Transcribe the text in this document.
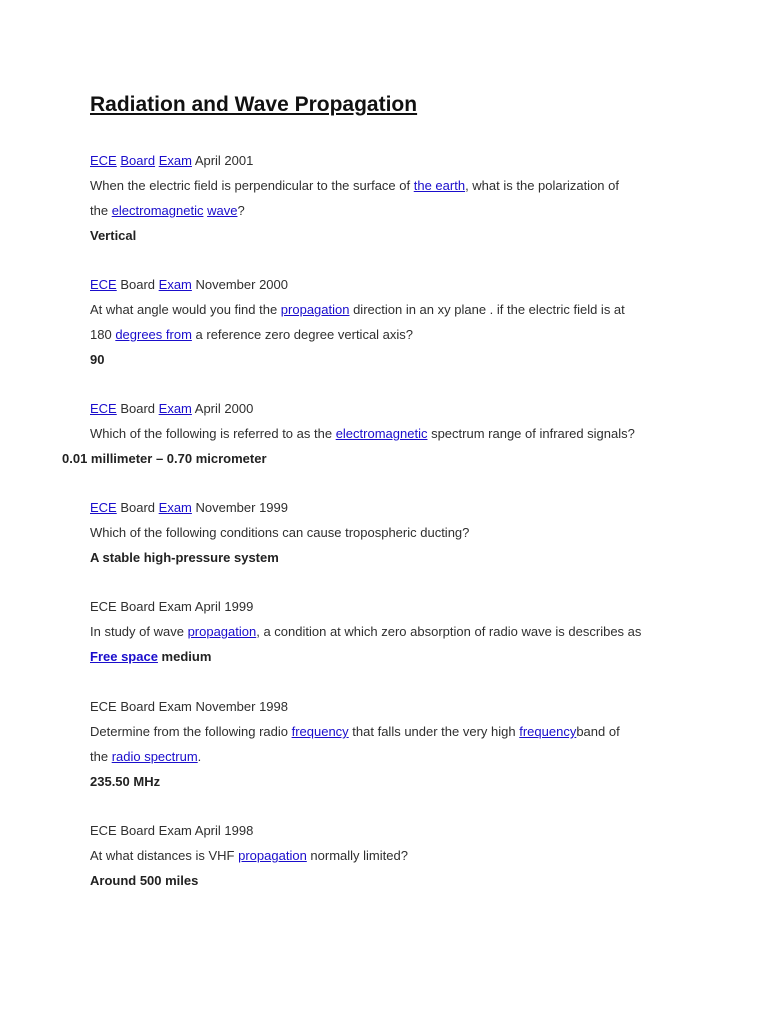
Radiation and Wave Propagation
ECE Board Exam April 2001
When the electric field is perpendicular to the surface of the earth, what is the polarization of
the electromagnetic wave?
Vertical
ECE Board Exam November 2000
At what angle would you find the propagation direction in an xy plane . if the electric field is at
180 degrees from a reference zero degree vertical axis?
90
ECE Board Exam April 2000
Which of the following is referred to as the electromagnetic spectrum range of infrared signals?
0.01 millimeter – 0.70 micrometer
ECE Board Exam November 1999
Which of the following conditions can cause tropospheric ducting?
A stable high-pressure system
ECE Board Exam April 1999
In study of wave propagation, a condition at which zero absorption of radio wave is describes as
Free space medium
ECE Board Exam November 1998
Determine from the following radio frequency that falls under the very high frequencyband of
the radio spectrum.
235.50 MHz
ECE Board Exam April 1998
At what distances is VHF propagation normally limited?
Around 500 miles
